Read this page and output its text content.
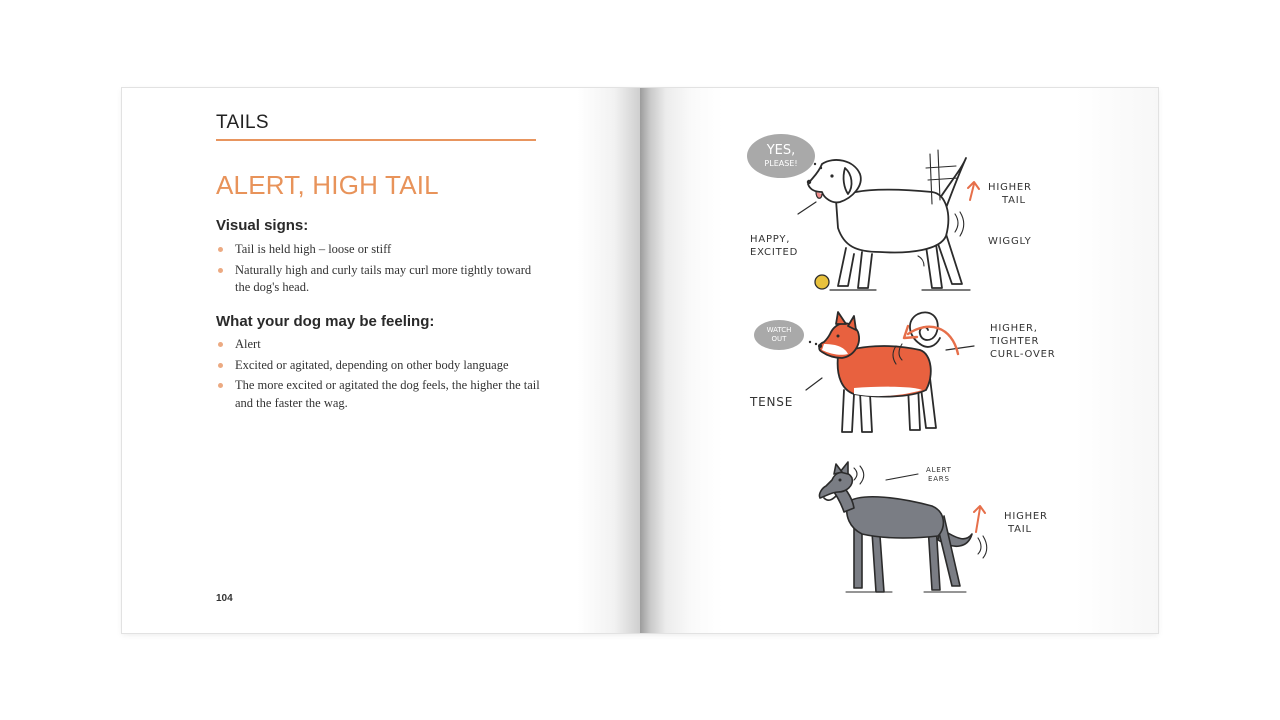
TAILS
ALERT, HIGH TAIL
Visual signs:
Tail is held high – loose or stiff
Naturally high and curly tails may curl more tightly toward the dog's head.
What your dog may be feeling:
Alert
Excited or agitated, depending on other body language
The more excited or agitated the dog feels, the higher the tail and the faster the wag.
104
YES,
PLEASE!
HAPPY,
EXCITED
HIGHER
TAIL
WIGGLY
WATCH
OUT
TENSE
HIGHER,
TIGHTER
CURL-OVER
ALERT
EARS
HIGHER
TAIL
